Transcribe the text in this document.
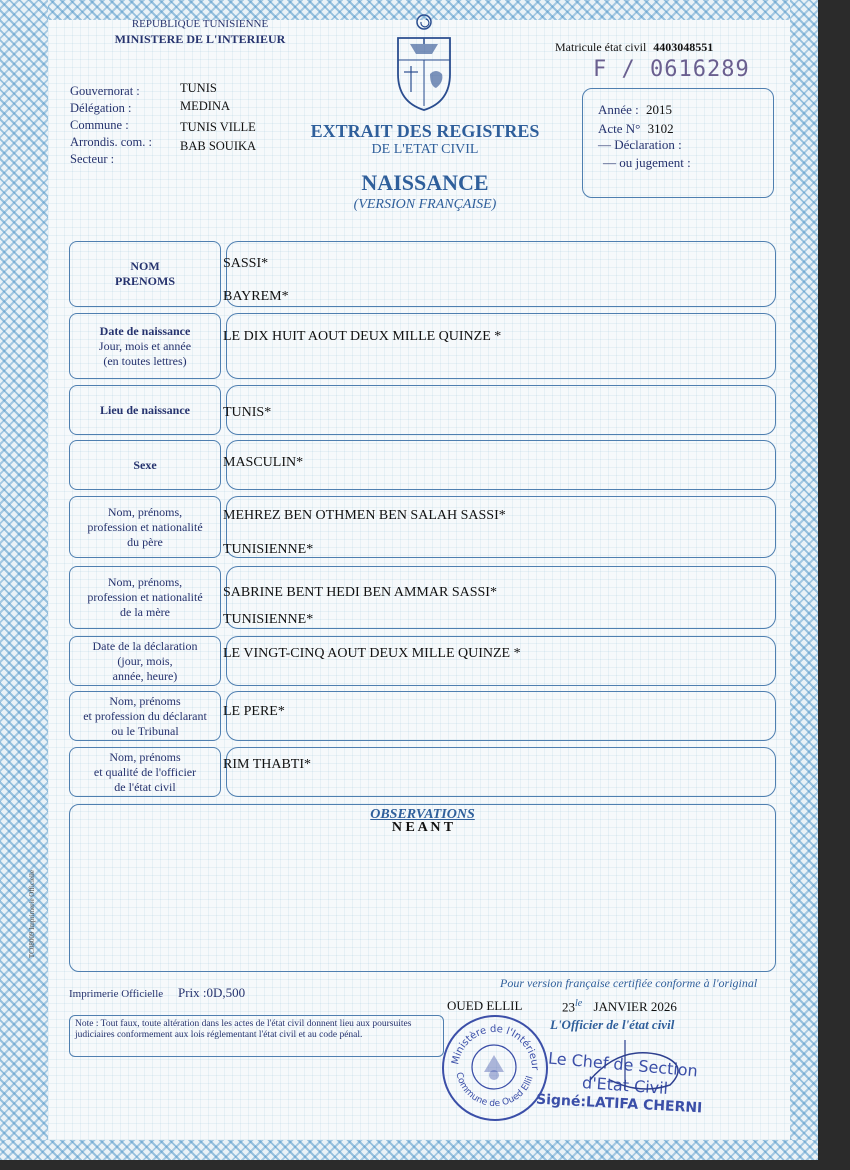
REPUBLIQUE TUNISIENNE
MINISTERE DE L'INTERIEUR
Matricule état civil 4403048551
F / 0616289
Gouvernorat :
Délégation :
Commune :
Arrondis. com. :
Secteur :
TUNIS
MEDINA
TUNIS VILLE
BAB SOUIKA
EXTRAIT DES REGISTRES
DE L'ETAT CIVIL
NAISSANCE
(VERSION FRANÇAISE)
Année : 2015
Acte N° 3102
— Déclaration :
— ou jugement :
NOM
PRENOMS
SASSI*
BAYREM*
Date de naissance
Jour, mois et année
(en toutes lettres)
LE DIX HUIT AOUT DEUX MILLE QUINZE *
Lieu de naissance TUNIS*
Sexe	MASCULIN*
Nom, prénoms,
profession et nationalité
du père
MEHREZ BEN OTHMEN BEN SALAH SASSI*
TUNISIENNE*
Nom, prénoms,
profession et nationalité
de la mère
SABRINE BENT HEDI BEN AMMAR SASSI*
TUNISIENNE*
Date de la déclaration
(jour, mois,
année, heure)
LE VINGT-CINQ AOUT DEUX MILLE QUINZE *
Nom, prénoms
et profession du déclarant
ou le Tribunal
LE PERE*
Nom, prénoms
et qualité de l'officier
de l'état civil
RIM THABTI*
OBSERVATIONS
N E A N T
TC08009 Imprimerie Officielle
Imprimerie Officielle Prix :0D,500
Pour version française certifiée conforme à l'original
OUED ELLIL	$23^{le}$ JANVIER 2026
L'Officier de l'état civil
Note : Tout faux, toute altération dans les actes de l'état civil donnent lieu aux poursuites judiciaires conformement aux lois réglementant l'état civil et au code pénal.
Ministère de l'Intérieur
Commune de Oued Ellil Le Chef de Section
d'Etat Civil
Signé:LATIFA CHERNI
